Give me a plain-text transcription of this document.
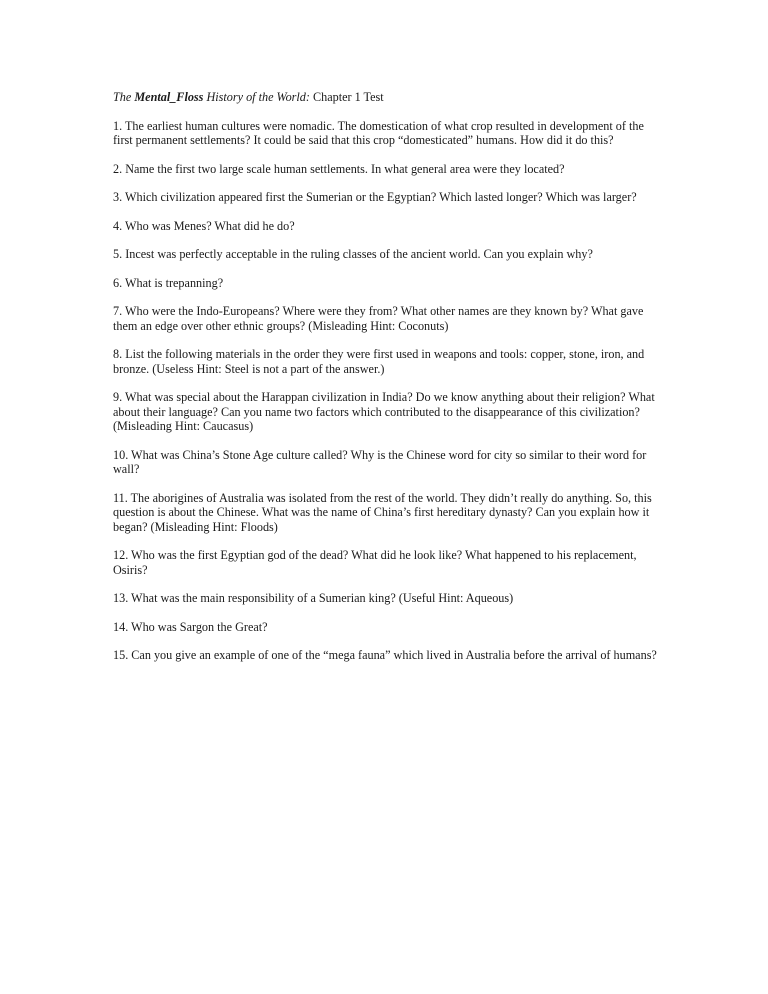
The Mental_Floss History of the World: Chapter 1 Test

1. The earliest human cultures were nomadic. The domestication of what crop resulted in development of the first permanent settlements? It could be said that this crop “domesticated” humans. How did it do this?

2. Name the first two large scale human settlements. In what general area were they located?

3. Which civilization appeared first the Sumerian or the Egyptian? Which lasted longer? Which was larger?

4. Who was Menes? What did he do?

5. Incest was perfectly acceptable in the ruling classes of the ancient world. Can you explain why?

6. What is trepanning?

7. Who were the Indo-Europeans? Where were they from? What other names are they known by? What gave them an edge over other ethnic groups? (Misleading Hint: Coconuts)

8. List the following materials in the order they were first used in weapons and tools: copper, stone, iron, and bronze. (Useless Hint: Steel is not a part of the answer.)

9. What was special about the Harappan civilization in India? Do we know anything about their religion? What about their language? Can you name two factors which contributed to the disappearance of this civilization? (Misleading Hint: Caucasus)

10. What was China’s Stone Age culture called? Why is the Chinese word for city so similar to their word for wall?

11. The aborigines of Australia was isolated from the rest of the world. They didn’t really do anything. So, this question is about the Chinese. What was the name of China’s first hereditary dynasty? Can you explain how it began? (Misleading Hint: Floods)

12. Who was the first Egyptian god of the dead? What did he look like? What happened to his replacement, Osiris?

13. What was the main responsibility of a Sumerian king? (Useful Hint: Aqueous)

14. Who was Sargon the Great?

15. Can you give an example of one of the “mega fauna” which lived in Australia before the arrival of humans?
